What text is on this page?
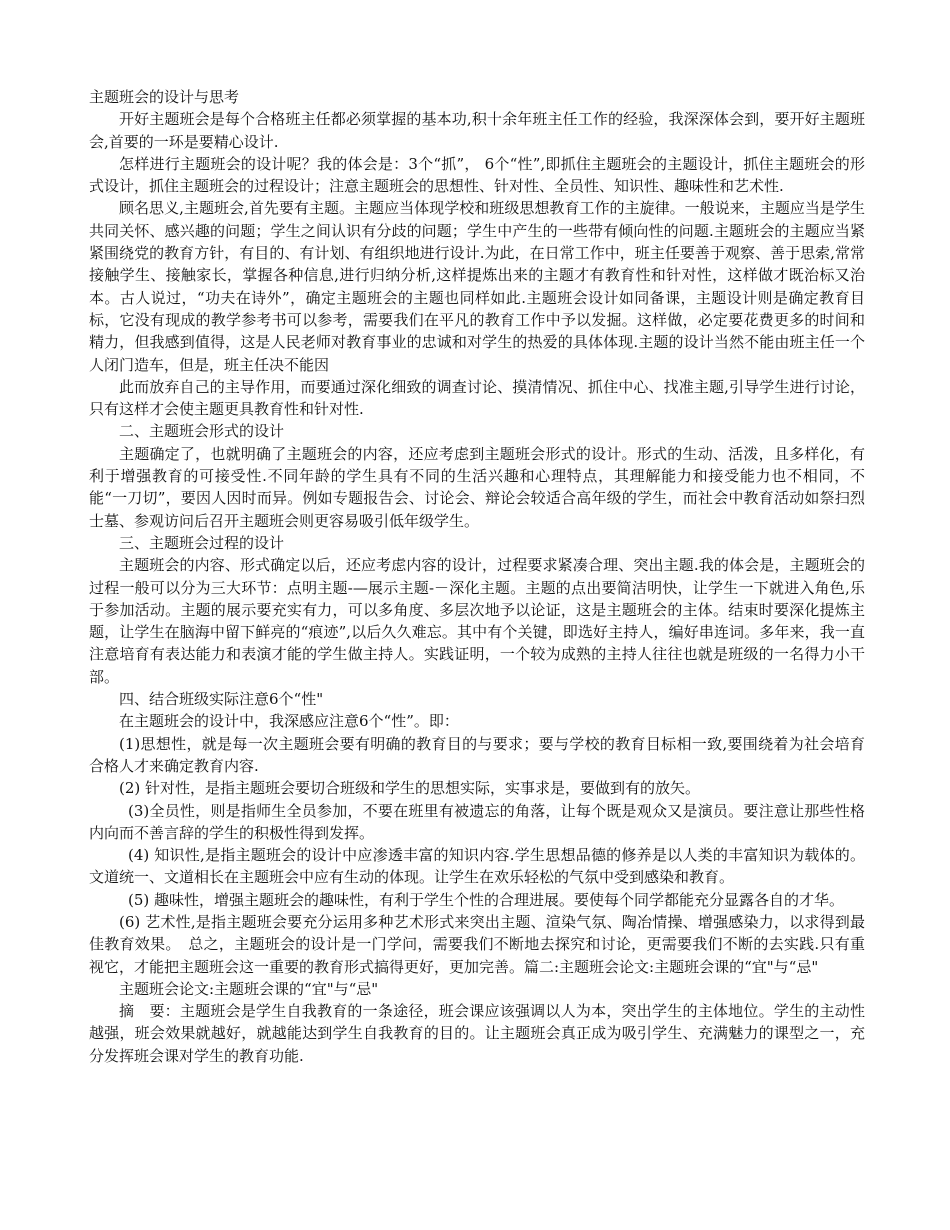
主题班会的设计与思考

开好主题班会是每个合格班主任都必须掌握的基本功,积十余年班主任工作的经验，我深深体会到，要开好主题班会,首要的一环是要精心设计.

怎样进行主题班会的设计呢？我的体会是：3个“抓”， 6个“性”,即抓住主题班会的主题设计，抓住主题班会的形式设计，抓住主题班会的过程设计；注意主题班会的思想性、针对性、全员性、知识性、趣味性和艺术性.

顾名思义,主题班会,首先要有主题。主题应当体现学校和班级思想教育工作的主旋律。一般说来，主题应当是学生共同关怀、感兴趣的问题；学生之间认识有分歧的问题；学生中产生的一些带有倾向性的问题.主题班会的主题应当紧紧围绕党的教育方针，有目的、有计划、有组织地进行设计.为此，在日常工作中，班主任要善于观察、善于思索,常常接触学生、接触家长，掌握各种信息,进行归纳分析,这样提炼出来的主题才有教育性和针对性，这样做才既治标又治本。古人说过，“功夫在诗外”，确定主题班会的主题也同样如此.主题班会设计如同备课，主题设计则是确定教育目标，它没有现成的教学参考书可以参考，需要我们在平凡的教育工作中予以发掘。这样做，必定要花费更多的时间和精力，但我感到值得，这是人民老师对教育事业的忠诚和对学生的热爱的具体体现.主题的设计当然不能由班主任一个人闭门造车，但是，班主任决不能因

此而放弃自己的主导作用，而要通过深化细致的调查讨论、摸清情况、抓住中心、找准主题,引导学生进行讨论，只有这样才会使主题更具教育性和针对性.

二、主题班会形式的设计

主题确定了，也就明确了主题班会的内容，还应考虑到主题班会形式的设计。形式的生动、活泼，且多样化，有利于增强教育的可接受性.不同年龄的学生具有不同的生活兴趣和心理特点，其理解能力和接受能力也不相同，不能“一刀切”，要因人因时而异。例如专题报告会、讨论会、辩论会较适合高年级的学生，而社会中教育活动如祭扫烈士墓、参观访问后召开主题班会则更容易吸引低年级学生。

三、主题班会过程的设计

主题班会的内容、形式确定以后，还应考虑内容的设计，过程要求紧凑合理、突出主题.我的体会是，主题班会的过程一般可以分为三大环节：点明主题-—展示主题-－深化主题。主题的点出要简洁明快，让学生一下就进入角色,乐于参加活动。主题的展示要充实有力，可以多角度、多层次地予以论证，这是主题班会的主体。结束时要深化提炼主题，让学生在脑海中留下鲜亮的“痕迹”,以后久久难忘。其中有个关键，即选好主持人，编好串连词。多年来，我一直注意培育有表达能力和表演才能的学生做主持人。实践证明，一个较为成熟的主持人往往也就是班级的一名得力小干部。

四、结合班级实际注意6个“性"

在主题班会的设计中，我深感应注意6个“性”。即：

(1)思想性，就是每一次主题班会要有明确的教育目的与要求；要与学校的教育目标相一致,要围绕着为社会培育合格人才来确定教育内容.

(2) 针对性，是指主题班会要切合班级和学生的思想实际，实事求是，要做到有的放矢。

(3)全员性，则是指师生全员参加，不要在班里有被遗忘的角落，让每个既是观众又是演员。要注意让那些性格内向而不善言辞的学生的积极性得到发挥。

(4) 知识性,是指主题班会的设计中应渗透丰富的知识内容.学生思想品德的修养是以人类的丰富知识为载体的。文道统一、文道相长在主题班会中应有生动的体现。让学生在欢乐轻松的气氛中受到感染和教育。

(5) 趣味性，增强主题班会的趣味性，有利于学生个性的合理进展。要使每个同学都能充分显露各自的才华。

(6) 艺术性,是指主题班会要充分运用多种艺术形式来突出主题、渲染气氛、陶冶情操、增强感染力，以求得到最佳教育效果。　总之，主题班会的设计是一门学问，需要我们不断地去探究和讨论，更需要我们不断的去实践.只有重视它，才能把主题班会这一重要的教育形式搞得更好，更加完善。篇二:主题班会论文:主题班会课的“宜"与“忌"

主题班会论文:主题班会课的“宜"与“忌"

摘　要：主题班会是学生自我教育的一条途径，班会课应该强调以人为本，突出学生的主体地位。学生的主动性越强，班会效果就越好，就越能达到学生自我教育的目的。让主题班会真正成为吸引学生、充满魅力的课型之一，充分发挥班会课对学生的教育功能.
